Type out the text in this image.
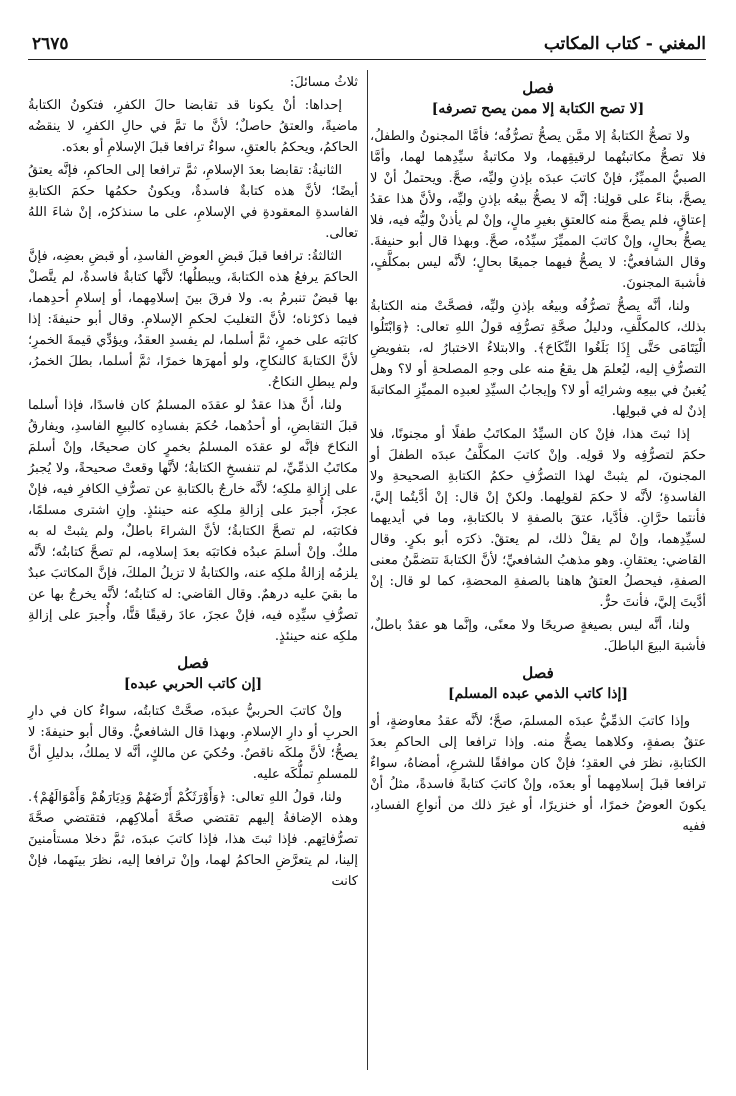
المغني - كتاب المكاتب
٢٦٧٥

فصل

[لا تصح الكتابة إلا ممن يصح تصرفه]

ولا تصحُّ الكتابةُ إلا ممَّن يصحُّ تصرُّفُه؛ فأمَّا المجنونُ والطفلُ، فلا تصحُّ مكاتبتُهما لرقيقِهما، ولا مكاتبةُ سيِّدِهما لهما، وأمَّا الصبيُّ المميِّزُ، فإنْ كاتبَ عبدَه بإذنِ وليِّه، صحَّ. ويحتملُ أنْ لا يصحَّ، بناءً على قولِنا: إنَّه لا يصحُّ بيعُه بإذنِ وليِّه، ولأنَّ هذا عقدُ إعتاقٍ، فلم يصحَّ منه كالعتقِ بغيرِ مالٍ، وإنْ لم يأذنْ وليُّه فيه، فلا يصحُّ بحالٍ، وإنْ كاتبَ المميِّزَ سيِّدُه، صحَّ. وبهذا قال أبو حنيفةَ. وقال الشافعيُّ: لا يصحُّ فيهما جميعًا بحالٍ؛ لأنَّه ليس بمكلَّفٍ، فأشبهَ المجنونَ.

ولنا، أنَّه يصحُّ تصرُّفُه وبيعُه بإذنِ وليِّه، فصحَّتْ منه الكتابةُ بذلك، كالمكلَّفِ، ودليلُ صحَّةِ تصرُّفِه قولُ اللهِ تعالى: ﴿وَابْتَلُوا الْيَتَامَى حَتَّى إِذَا بَلَغُوا النِّكَاحَ﴾. والابتلاءُ الاختبارُ له، بتفويضِ التصرُّفِ إليه، ليُعلمَ هل يقعُ منه على وجهِ المصلحةِ أو لا؟ وهل يُغبنُ في بيعِه وشرائِه أو لا؟ وإيجابُ السيِّدِ لعبدِه المميِّزِ المكاتبةَ إذنٌ له في قبولِها.

إذا ثبتَ هذا، فإنْ كان السيِّدُ المكاتَبُ طفلًا أو مجنونًا، فلا حكمَ لتصرُّفِه ولا قولِه. وإنْ كاتبَ المكلَّفُ عبدَه الطفلَ أو المجنونَ، لم يثبتْ لهذا التصرُّفِ حكمُ الكتابةِ الصحيحةِ ولا الفاسدةِ؛ لأنَّه لا حكمَ لقولِهما. ولكنْ إنْ قال: إنْ أدَّيتُما إليَّ، فأنتما حرَّانِ. فأدَّيا، عتقَ بالصفةِ لا بالكتابةِ، وما في أيديهما لسيِّدِهما، وإنْ لم يقلْ ذلك، لم يعتقْ. ذكرَه أبو بكرٍ. وقال القاضي: يعتقانِ. وهو مذهبُ الشافعيِّ؛ لأنَّ الكتابةَ تتضمَّنُ معنى الصفةِ، فيحصلُ العتقُ هاهنا بالصفةِ المحضةِ، كما لو قال: إنْ أدَّيتَ إليَّ، فأنتَ حرٌّ.

ولنا، أنَّه ليس بصيغةٍ صريحًا ولا معنًى، وإنَّما هو عقدٌ باطلٌ، فأشبهَ البيعَ الباطلَ.

فصل

[إذا كاتب الذمي عبده المسلم]

وإذا كاتبَ الذمِّيُّ عبدَه المسلمَ، صحَّ؛ لأنَّه عقدُ معاوضةٍ، أو عتقٌ بصفةٍ، وكلاهما يصحُّ منه. وإذا ترافعا إلى الحاكمِ بعدَ الكتابةِ، نظرَ في العقدِ؛ فإنْ كان موافقًا للشرعِ، أمضاهُ، سواءٌ ترافعا قبلَ إسلامِهما أو بعدَه، وإنْ كاتبَ كتابةً فاسدةً، مثلُ أنْ يكونَ العوضُ خمرًا، أو خنزيرًا، أو غيرَ ذلك من أنواعِ الفسادِ، ففيه

ثلاثُ مسائلَ:

إحداها: أنْ يكونا قد تقابضا حالَ الكفرِ، فتكونُ الكتابةُ ماضيةً، والعتقُ حاصلٌ؛ لأنَّ ما تمَّ في حالِ الكفرِ، لا ينقضُه الحاكمُ، ويحكمُ بالعتقِ، سواءٌ ترافعا قبلَ الإسلامِ أو بعدَه.

الثانيةُ: تقابضا بعدَ الإسلامِ، ثمَّ ترافعا إلى الحاكمِ، فإنَّه يعتقُ أيضًا؛ لأنَّ هذه كتابةٌ فاسدةٌ، ويكونُ حكمُها حكمَ الكتابةِ الفاسدةِ المعقودةِ في الإسلامِ، على ما سنذكرُه، إنْ شاءَ اللهُ تعالى.

الثالثةُ: ترافعا قبلَ قبضِ العوضِ الفاسدِ، أو قبضِ بعضِه، فإنَّ الحاكمَ يرفعُ هذه الكتابةَ، ويبطلُها؛ لأنَّها كتابةٌ فاسدةٌ، لم يتَّصلْ بها قبضٌ تنبرمُ به. ولا فرقَ بينَ إسلامِهما، أو إسلامِ أحدِهما، فيما ذكرْناه؛ لأنَّ التغليبَ لحكمِ الإسلامِ. وقال أبو حنيفةَ: إذا كاتبَه على خمرٍ، ثمَّ أسلما، لم يفسدِ العقدُ، ويؤدِّي قيمةَ الخمرِ؛ لأنَّ الكتابةَ كالنكاحِ، ولو أمهرَها خمرًا، ثمَّ أسلما، بطلَ الخمرُ، ولم يبطلِ النكاحُ.

ولنا، أنَّ هذا عقدٌ لو عقدَه المسلمُ كان فاسدًا، فإذا أسلما قبلَ التقابضِ، أو أحدُهما، حُكمَ بفسادِه كالبيعِ الفاسدِ، ويفارقُ النكاحَ فإنَّه لو عقدَه المسلمُ بخمرٍ كان صحيحًا، وإنْ أسلمَ مكاتَبُ الذمِّيِّ، لم تنفسخِ الكتابةُ؛ لأنَّها وقعتْ صحيحةً، ولا يُجبرُ على إزالةِ ملكِه؛ لأنَّه خارجٌ بالكتابةِ عن تصرُّفِ الكافرِ فيه، فإنْ عجزَ، أُجبرَ على إزالةِ ملكِه عنه حينئذٍ. وإنِ اشترى مسلمًا، فكاتبَه، لم تصحَّ الكتابةُ؛ لأنَّ الشراءَ باطلٌ، ولم يثبتْ له به ملكٌ. وإنْ أسلمَ عبدُه فكاتبَه بعدَ إسلامِه، لم تصحَّ كتابتُه؛ لأنَّه يلزمُه إزالةُ ملكِه عنه، والكتابةُ لا تزيلُ الملكَ، فإنَّ المكاتبَ عبدٌ ما بقيَ عليه درهمٌ. وقال القاضي: له كتابتُه؛ لأنَّه يخرجُ بها عن تصرُّفِ سيِّدِه فيه، فإنْ عجزَ، عادَ رقيقًا قنًّا، وأُجبرَ على إزالةِ ملكِه عنه حينئذٍ.

فصل

[إن كاتب الحربي عبده]

وإنْ كاتبَ الحربيُّ عبدَه، صحَّتْ كتابتُه، سواءٌ كان في دارِ الحربِ أو دارِ الإسلامِ. وبهذا قال الشافعيُّ. وقال أبو حنيفةَ: لا يصحُّ؛ لأنَّ ملكَه ناقصٌ. وحُكيَ عن مالكٍ، أنَّه لا يملكُ، بدليلِ أنَّ للمسلمِ تملُّكَه عليه.

ولنا، قولُ اللهِ تعالى: ﴿وَأَوْرَثَكُمْ أَرْضَهُمْ وَدِيَارَهُمْ وَأَمْوَالَهُمْ﴾. وهذه الإضافةُ إليهم تقتضي صحَّةَ أملاكِهم، فتقتضي صحَّةَ تصرُّفاتِهم. فإذا ثبتَ هذا، فإذا كاتبَ عبدَه، ثمَّ دخلا مستأمنينَ إلينا، لم يتعرَّضِ الحاكمُ لهما، وإنْ ترافعا إليه، نظرَ بينَهما، فإنْ كانت
